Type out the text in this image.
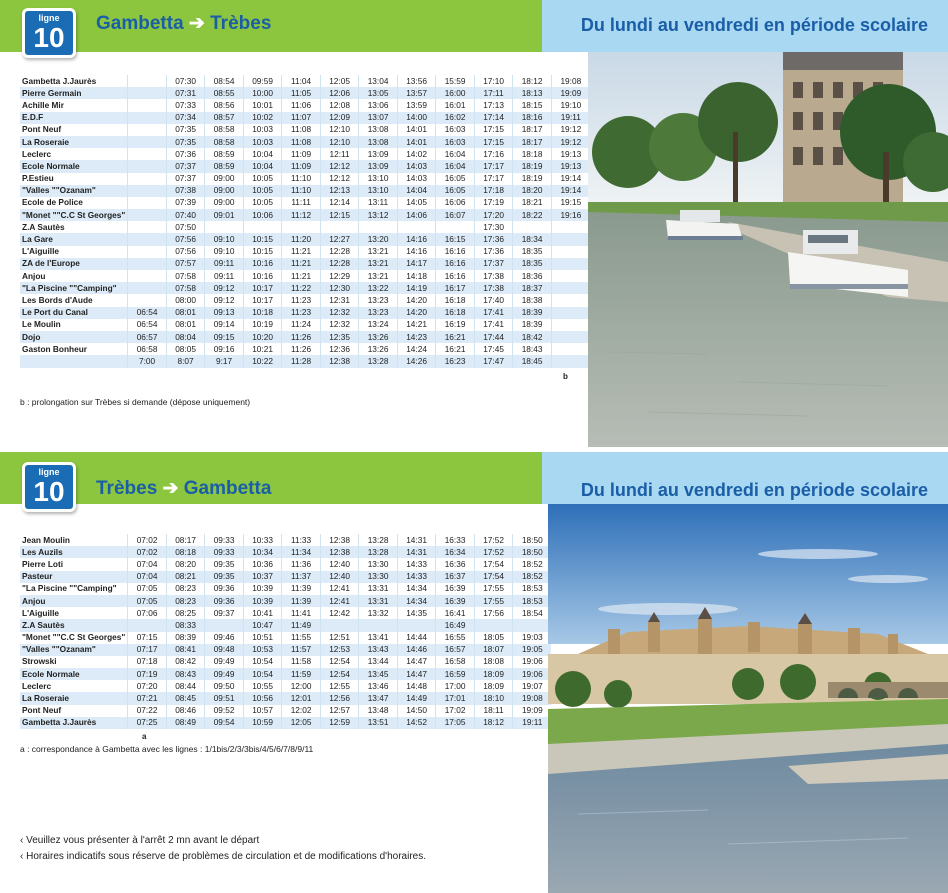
Gambetta ➔ Trèbes	Du lundi au vendredi en période scolaire
ligne
10
Gambetta J.Jaurès		07:30	08:54	09:59	11:04	12:05	13:04	13:56	15:59	17:10	18:12	19:08
Pierre Germain		07:31	08:55	10:00	11:05	12:06	13:05	13:57	16:00	17:11	18:13	19:09
Achille Mir		07:33	08:56	10:01	11:06	12:08	13:06	13:59	16:01	17:13	18:15	19:10
E.D.F		07:34	08:57	10:02	11:07	12:09	13:07	14:00	16:02	17:14	18:16	19:11
Pont Neuf		07:35	08:58	10:03	11:08	12:10	13:08	14:01	16:03	17:15	18:17	19:12
La Roseraie		07:35	08:58	10:03	11:08	12:10	13:08	14:01	16:03	17:15	18:17	19:12
Leclerc		07:36	08:59	10:04	11:09	12:11	13:09	14:02	16:04	17:16	18:18	19:13
Ecole Normale		07:37	08:59	10:04	11:09	12:12	13:09	14:03	16:04	17:17	18:19	19:13
P.Estieu		07:37	09:00	10:05	11:10	12:12	13:10	14:03	16:05	17:17	18:19	19:14
"Valles ""Ozanam"		07:38	09:00	10:05	11:10	12:13	13:10	14:04	16:05	17:18	18:20	19:14
Ecole de Police		07:39	09:00	10:05	11:11	12:14	13:11	14:05	16:06	17:19	18:21	19:15
"Monet ""C.C St Georges"		07:40	09:01	10:06	11:12	12:15	13:12	14:06	16:07	17:20	18:22	19:16
Z.A Sautès		07:50								17:30		
La Gare		07:56	09:10	10:15	11:20	12:27	13:20	14:16	16:15	17:36	18:34	
L'Aiguille		07:56	09:10	10:15	11:21	12:28	13:21	14:16	16:16	17:36	18:35	
ZA de l'Europe		07:57	09:11	10:16	11:21	12:28	13:21	14:17	16:16	17:37	18:35	
Anjou		07:58	09:11	10:16	11:21	12:29	13:21	14:18	16:16	17:38	18:36	
"La Piscine ""Camping"		07:58	09:12	10:17	11:22	12:30	13:22	14:19	16:17	17:38	18:37	
Les Bords d'Aude		08:00	09:12	10:17	11:23	12:31	13:23	14:20	16:18	17:40	18:38	
Le Port du Canal	06:54	08:01	09:13	10:18	11:23	12:32	13:23	14:20	16:18	17:41	18:39	
Le Moulin	06:54	08:01	09:14	10:19	11:24	12:32	13:24	14:21	16:19	17:41	18:39	
Dojo	06:57	08:04	09:15	10:20	11:26	12:35	13:26	14:23	16:21	17:44	18:42	
Gaston Bonheur	06:58	08:05	09:16	10:21	11:26	12:36	13:26	14:24	16:21	17:45	18:43	
	7:00	8:07	9:17	10:22	11:28	12:38	13:28	14:26	16:23	17:47	18:45	
b
b : prolongation sur Trèbes si demande (dépose uniquement)
Trèbes ➔ Gambetta	Du lundi au vendredi en période scolaire
ligne
10
Jean Moulin	07:02	08:17	09:33	10:33	11:33	12:38	13:28	14:31	16:33	17:52	18:50
Les Auzils	07:02	08:18	09:33	10:34	11:34	12:38	13:28	14:31	16:34	17:52	18:50
Pierre Loti	07:04	08:20	09:35	10:36	11:36	12:40	13:30	14:33	16:36	17:54	18:52
Pasteur	07:04	08:21	09:35	10:37	11:37	12:40	13:30	14:33	16:37	17:54	18:52
"La Piscine ""Camping"	07:05	08:23	09:36	10:39	11:39	12:41	13:31	14:34	16:39	17:55	18:53
Anjou	07:05	08:23	09:36	10:39	11:39	12:41	13:31	14:34	16:39	17:55	18:53
L'Aiguille	07:06	08:25	09:37	10:41	11:41	12:42	13:32	14:35	16:41	17:56	18:54
Z.A Sautès		08:33		10:47	11:49				16:49		
"Monet ""C.C St Georges"	07:15	08:39	09:46	10:51	11:55	12:51	13:41	14:44	16:55	18:05	19:03
"Valles ""Ozanam"	07:17	08:41	09:48	10:53	11:57	12:53	13:43	14:46	16:57	18:07	19:05
Strowski	07:18	08:42	09:49	10:54	11:58	12:54	13:44	14:47	16:58	18:08	19:06
Ecole Normale	07:19	08:43	09:49	10:54	11:59	12:54	13:45	14:47	16:59	18:09	19:06
Leclerc	07:20	08:44	09:50	10:55	12:00	12:55	13:46	14:48	17:00	18:09	19:07
La Roseraie	07:21	08:45	09:51	10:56	12:01	12:56	13:47	14:49	17:01	18:10	19:08
Pont Neuf	07:22	08:46	09:52	10:57	12:02	12:57	13:48	14:50	17:02	18:11	19:09
Gambetta J.Jaurès	07:25	08:49	09:54	10:59	12:05	12:59	13:51	14:52	17:05	18:12	19:11
a
a : correspondance à Gambetta avec les lignes : 1/1bis/2/3/3bis/4/5/6/7/8/9/11
‹ Veuillez vous présenter à l'arrêt 2 mn avant le départ
‹ Horaires indicatifs sous réserve de problèmes de circulation et de modifications d'horaires.
